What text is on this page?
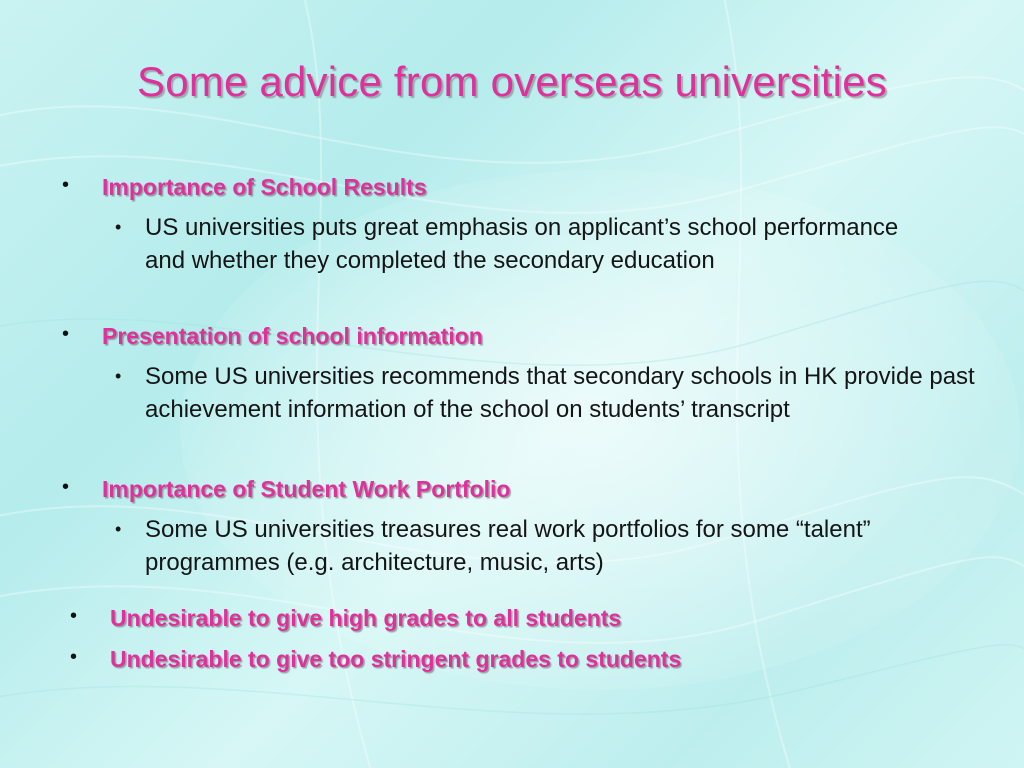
Some advice from overseas universities
• Importance of School Results
• US universities puts great emphasis on applicant’s school performance and whether they completed the secondary education
• Presentation of school information
• Some US universities recommends that secondary schools in HK provide past achievement information of the school on students’ transcript
• Importance of Student Work Portfolio
• Some US universities treasures real work portfolios for some “talent” programmes (e.g. architecture, music, arts)
• Undesirable to give high grades to all students
• Undesirable to give too stringent grades to students
